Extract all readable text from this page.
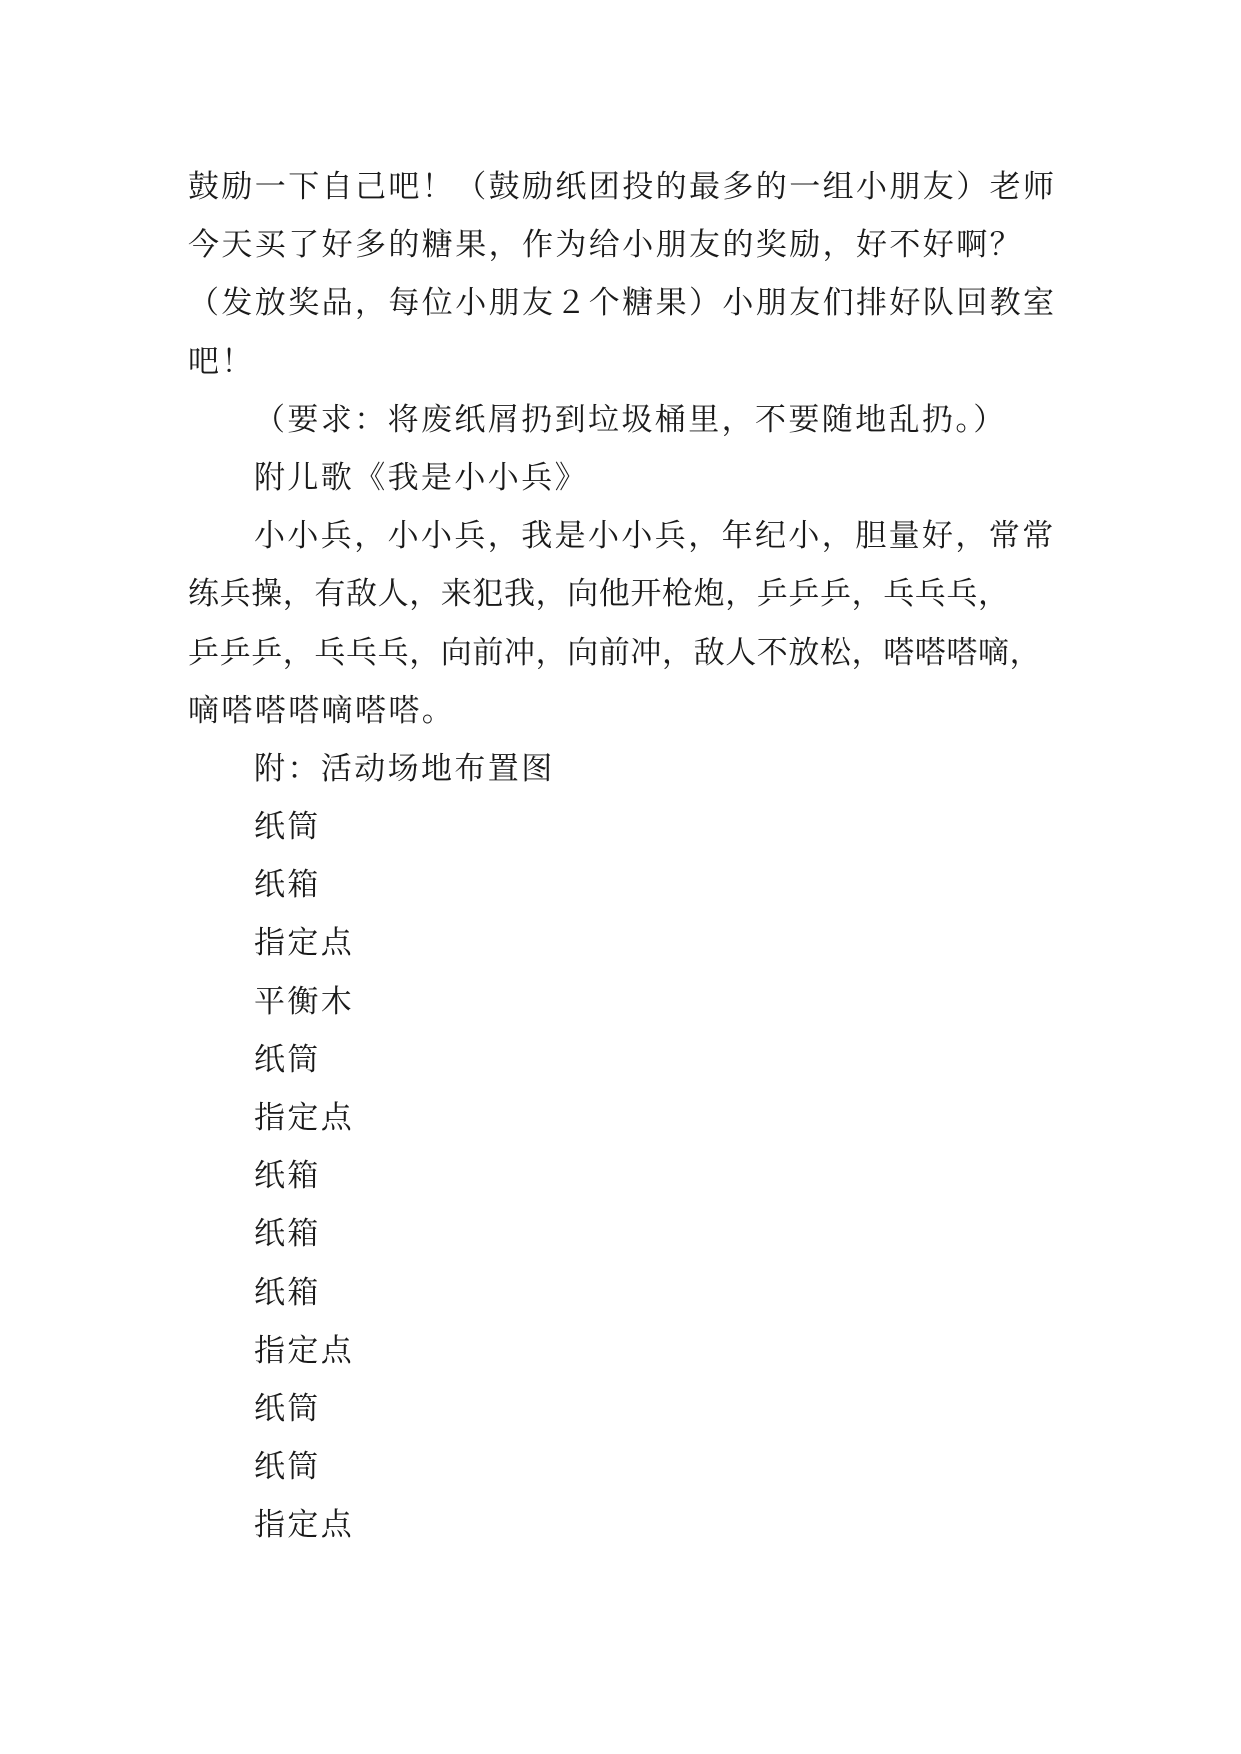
鼓励一下自己吧！（鼓励纸团投的最多的一组小朋友）老师
今天买了好多的糖果，作为给小朋友的奖励，好不好啊？
（发放奖品，每位小朋友２个糖果）小朋友们排好队回教室
吧！
（要求：将废纸屑扔到垃圾桶里，不要随地乱扔。）
附儿歌《我是小小兵》
小小兵，小小兵，我是小小兵，年纪小，胆量好，常常
练兵操，有敌人，来犯我，向他开枪炮，乒乒乒，乓乓乓，
乒乒乒，乓乓乓，向前冲，向前冲，敌人不放松，嗒嗒嗒嘀，
嘀嗒嗒嗒嘀嗒嗒。
附：活动场地布置图
纸筒
纸箱
指定点
平衡木
纸筒
指定点
纸箱
纸箱
纸箱
指定点
纸筒
纸筒
指定点
